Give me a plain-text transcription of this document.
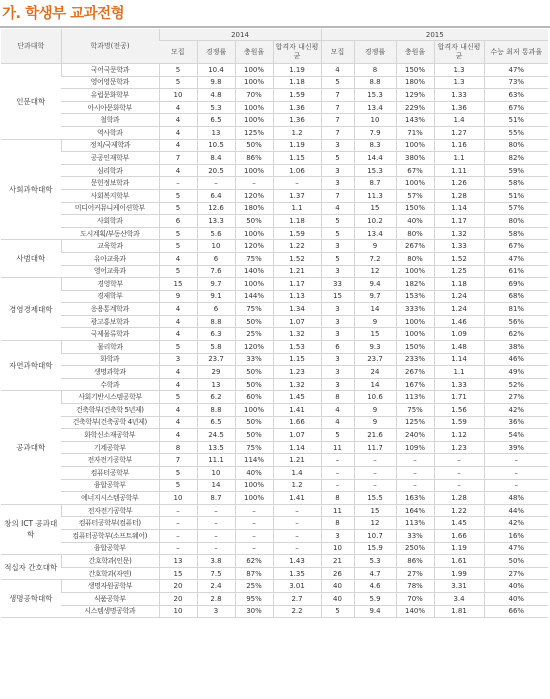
가. 학생부 교과전형
단과대학	학과명(전공)	2014				2015				
		모집	경쟁률	충원율	합격자 내신평균	모집	경쟁률	충원율	합격자 내신평균	수능 최저 통과율
인문대학	국어국문학과	5	10.4	100%	1.19	4	8	150%	1.3	47%
	영어영문학과	5	9.8	100%	1.18	5	8.8	180%	1.3	73%
	유럽문화학부	10	4.8	70%	1.59	7	15.3	129%	1.33	63%
	아시아문화학부	4	5.3	100%	1.36	7	13.4	229%	1.36	67%
	철학과	4	6.5	100%	1.36	7	10	143%	1.4	51%
	역사학과	4	13	125%	1.2	7	7.9	71%	1.27	55%
사회과학대학	정치/국제학과	4	10.5	50%	1.19	3	8.3	100%	1.16	80%
	공공인재학부	7	8.4	86%	1.15	5	14.4	380%	1.1	82%
	심리학과	4	20.5	100%	1.06	3	15.3	67%	1.11	59%
	문헌정보학과	–	–	–	–	3	8.7	100%	1.26	58%
	사회복지학부	5	6.4	120%	1.37	7	11.3	57%	1.28	51%
	미디어커뮤니케이션학부	5	12.6	180%	1.1	4	15	150%	1.14	57%
	사회학과	6	13.3	50%	1.18	5	10.2	40%	1.17	80%
	도시계획/부동산학과	5	5.6	100%	1.59	5	13.4	80%	1.32	58%
사범대학	교육학과	5	10	120%	1.22	3	9	267%	1.33	67%
	유아교육과	4	6	75%	1.52	5	7.2	80%	1.52	47%
	영어교육과	5	7.6	140%	1.21	3	12	100%	1.25	61%
경영경제대학	경영학부	15	9.7	100%	1.17	33	9.4	182%	1.18	69%
	경제학부	9	9.1	144%	1.13	15	9.7	153%	1.24	68%
	응용통계학과	4	6	75%	1.34	3	14	333%	1.24	81%
	광고홍보학과	4	8.8	50%	1.07	3	9	100%	1.46	56%
	국제물류학과	4	6.3	25%	1.32	3	15	100%	1.09	62%
자연과학대학	물리학과	5	5.8	120%	1.53	6	9.3	150%	1.48	38%
	화학과	3	23.7	33%	1.15	3	23.7	233%	1.14	46%
	생명과학과	4	29	50%	1.23	3	24	267%	1.1	49%
	수학과	4	13	50%	1.32	3	14	167%	1.33	52%
공과대학	사회기반시스템공학부	5	6.2	60%	1.45	8	10.6	113%	1.71	27%
	건축학부(건축학 5년제)	4	8.8	100%	1.41	4	9	75%	1.56	42%
	건축학부(건축공학 4년제)	4	6.5	50%	1.66	4	9	125%	1.59	36%
	화학신소재공학부	4	24.5	50%	1.07	5	21.6	240%	1.12	54%
	기계공학부	8	13.5	75%	1.14	11	11.7	109%	1.23	39%
	전자전기공학부	7	11.1	114%	1.21	–	–	–	–	–
	컴퓨터공학부	5	10	40%	1.4	–	–	–	–	–
	융합공학부	5	14	100%	1.2	–	–	–	–	–
	에너지시스템공학부	10	8.7	100%	1.41	8	15.5	163%	1.28	48%
창의 ICT 공과대학	전자전기공학부	–	–	–	–	11	15	164%	1.22	44%
	컴퓨터공학부(컴퓨터)	–	–	–	–	8	12	113%	1.45	42%
	컴퓨터공학부(소프트웨어)	–	–	–	–	3	10.7	33%	1.66	16%
	융합공학부	–	–	–	–	10	15.9	250%	1.19	47%
적십자 간호대학	간호학과(인문)	13	3.8	62%	1.43	21	5.3	86%	1.61	50%
	간호학과(자연)	15	7.5	87%	1.35	26	4.7	27%	1.99	27%
생명공학대학	생명자원공학부	20	2.4	25%	3.01	40	4.6	78%	3.31	40%
	식품공학부	20	2.8	95%	2.7	40	5.9	70%	3.4	40%
	시스템생명공학과	10	3	30%	2.2	5	9.4	140%	1.81	66%
